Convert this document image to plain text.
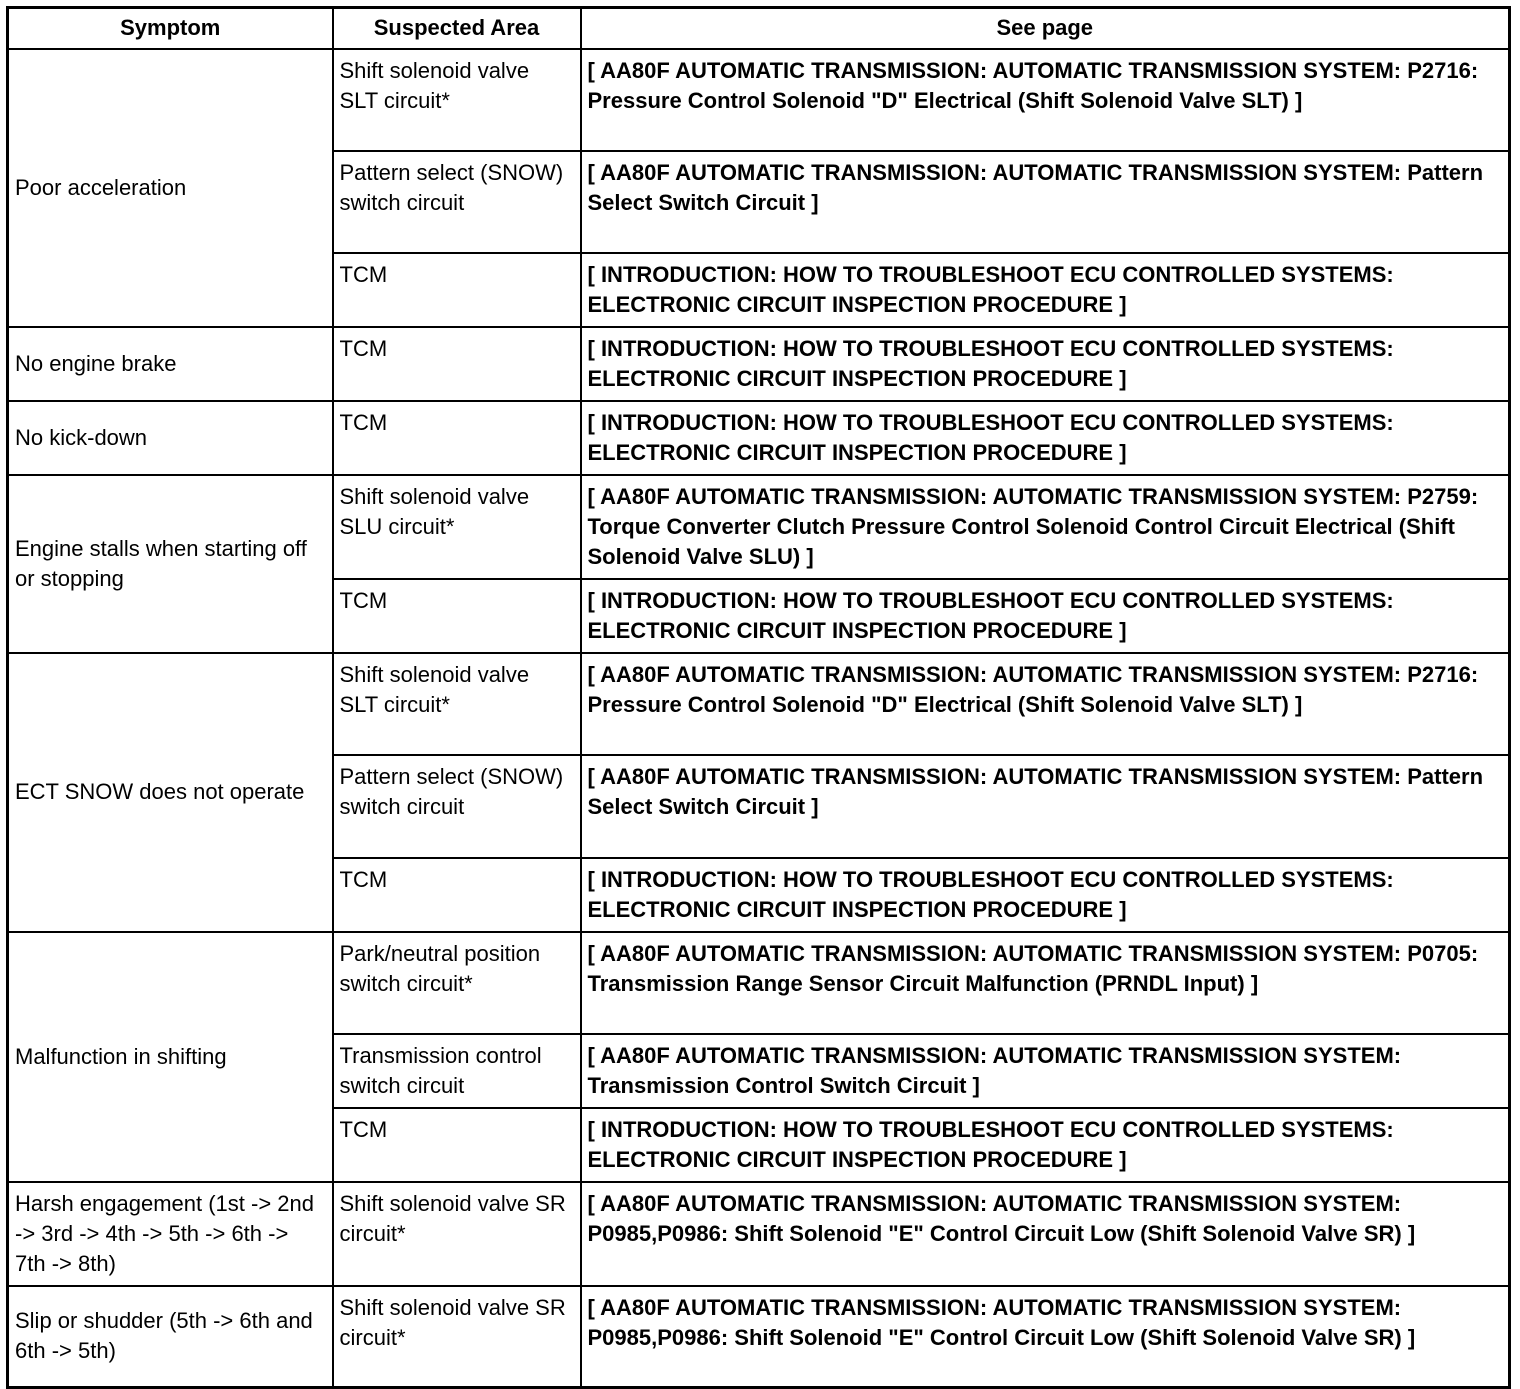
Symptom	Suspected Area	See page
Poor acceleration	Shift solenoid valve SLT circuit*	[ AA80F AUTOMATIC TRANSMISSION: AUTOMATIC TRANSMISSION SYSTEM: P2716: Pressure Control Solenoid "D" Electrical (Shift Solenoid Valve SLT) ]
	Pattern select (SNOW) switch circuit	[ AA80F AUTOMATIC TRANSMISSION: AUTOMATIC TRANSMISSION SYSTEM: Pattern Select Switch Circuit ]
	TCM	[ INTRODUCTION: HOW TO TROUBLESHOOT ECU CONTROLLED SYSTEMS: ELECTRONIC CIRCUIT INSPECTION PROCEDURE ]
No engine brake	TCM	[ INTRODUCTION: HOW TO TROUBLESHOOT ECU CONTROLLED SYSTEMS: ELECTRONIC CIRCUIT INSPECTION PROCEDURE ]
No kick-down	TCM	[ INTRODUCTION: HOW TO TROUBLESHOOT ECU CONTROLLED SYSTEMS: ELECTRONIC CIRCUIT INSPECTION PROCEDURE ]
Engine stalls when starting off or stopping	Shift solenoid valve SLU circuit*	[ AA80F AUTOMATIC TRANSMISSION: AUTOMATIC TRANSMISSION SYSTEM: P2759: Torque Converter Clutch Pressure Control Solenoid Control Circuit Electrical (Shift Solenoid Valve SLU) ]
	TCM	[ INTRODUCTION: HOW TO TROUBLESHOOT ECU CONTROLLED SYSTEMS: ELECTRONIC CIRCUIT INSPECTION PROCEDURE ]
ECT SNOW does not operate	Shift solenoid valve SLT circuit*	[ AA80F AUTOMATIC TRANSMISSION: AUTOMATIC TRANSMISSION SYSTEM: P2716: Pressure Control Solenoid "D" Electrical (Shift Solenoid Valve SLT) ]
	Pattern select (SNOW) switch circuit	[ AA80F AUTOMATIC TRANSMISSION: AUTOMATIC TRANSMISSION SYSTEM: Pattern Select Switch Circuit ]
	TCM	[ INTRODUCTION: HOW TO TROUBLESHOOT ECU CONTROLLED SYSTEMS: ELECTRONIC CIRCUIT INSPECTION PROCEDURE ]
Malfunction in shifting	Park/neutral position switch circuit*	[ AA80F AUTOMATIC TRANSMISSION: AUTOMATIC TRANSMISSION SYSTEM: P0705: Transmission Range Sensor Circuit Malfunction (PRNDL Input) ]
	Transmission control switch circuit	[ AA80F AUTOMATIC TRANSMISSION: AUTOMATIC TRANSMISSION SYSTEM: Transmission Control Switch Circuit ]
	TCM	[ INTRODUCTION: HOW TO TROUBLESHOOT ECU CONTROLLED SYSTEMS: ELECTRONIC CIRCUIT INSPECTION PROCEDURE ]
Harsh engagement (1st -> 2nd -> 3rd -> 4th -> 5th -> 6th -> 7th -> 8th)	Shift solenoid valve SR circuit*	[ AA80F AUTOMATIC TRANSMISSION: AUTOMATIC TRANSMISSION SYSTEM: P0985,P0986: Shift Solenoid "E" Control Circuit Low (Shift Solenoid Valve SR) ]
Slip or shudder (5th -> 6th and 6th -> 5th)	Shift solenoid valve SR circuit*	[ AA80F AUTOMATIC TRANSMISSION: AUTOMATIC TRANSMISSION SYSTEM: P0985,P0986: Shift Solenoid "E" Control Circuit Low (Shift Solenoid Valve SR) ]
